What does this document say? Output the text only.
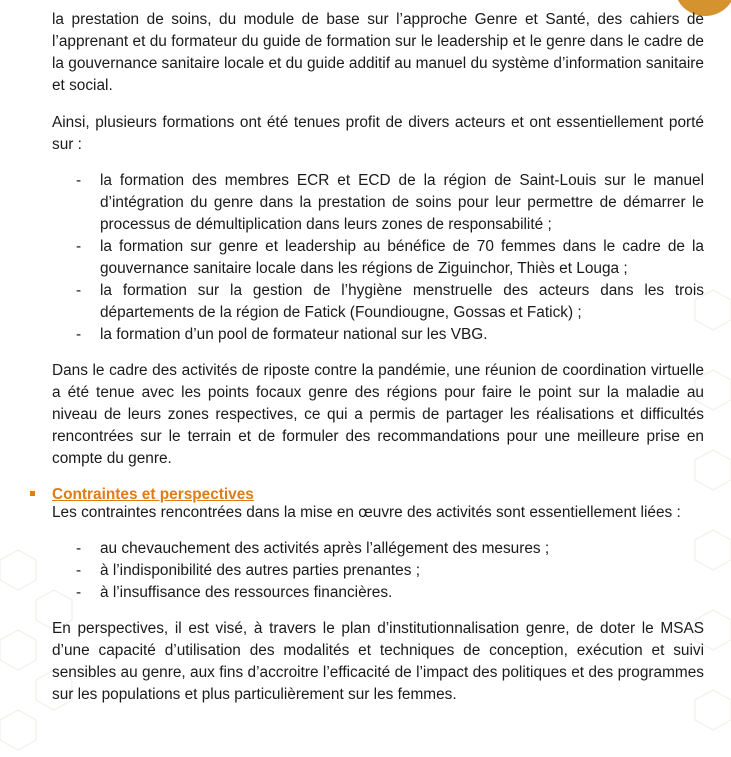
la prestation de soins, du module de base sur l’approche Genre et Santé, des cahiers de l’apprenant et du formateur du guide de formation sur le leadership et le genre dans le cadre de la gouvernance sanitaire locale et du guide additif au manuel du système d’information sanitaire et social.

Ainsi, plusieurs formations ont été tenues profit de divers acteurs et ont essentiellement porté sur :

- la formation des membres ECR et ECD de la région de Saint-Louis sur le manuel d’intégration du genre dans la prestation de soins pour leur permettre de démarrer le processus de démultiplication dans leurs zones de responsabilité ;
- la formation sur genre et leadership au bénéfice de 70 femmes dans le cadre de la gouvernance sanitaire locale dans les régions de Ziguinchor, Thiès et Louga ;
- la formation sur la gestion de l’hygiène menstruelle des acteurs dans les trois départements de la région de Fatick (Foundiougne, Gossas et Fatick) ;
- la formation d’un pool de formateur national sur les VBG.

Dans le cadre des activités de riposte contre la pandémie, une réunion de coordination virtuelle a été tenue avec les points focaux genre des régions pour faire le point sur la maladie au niveau de leurs zones respectives, ce qui a permis de partager les réalisations et difficultés rencontrées sur le terrain et de formuler des recommandations pour une meilleure prise en compte du genre.

Contraintes et perspectives

Les contraintes rencontrées dans la mise en œuvre des activités sont essentiellement liées :

- au chevauchement des activités après l’allégement des mesures ;
- à l’indisponibilité des autres parties prenantes ;
- à l’insuffisance des ressources financières.

En perspectives, il est visé, à travers le plan d’institutionnalisation genre, de doter le MSAS d’une capacité d’utilisation des modalités et techniques de conception, exécution et suivi sensibles au genre, aux fins d’accroitre l’efficacité de l’impact des politiques et des programmes sur les populations et plus particulièrement sur les femmes.
